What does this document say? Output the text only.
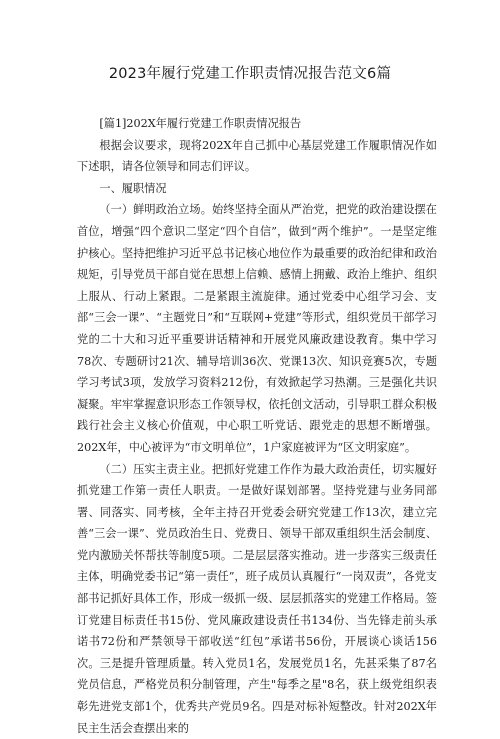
2023年履行党建工作职责情况报告范文6篇

[篇1]202X年履行党建工作职责情况报告

根据会议要求，现将202X年自己抓中心基层党建工作履职情况作如下述职，请各位领导和同志们评议。

一、履职情况

（一）鲜明政治立场。始终坚持全面从严治党，把党的政治建设摆在首位，增强“四个意识二坚定“四个自信”，做到“两个维护”。一是坚定维护核心。坚持把维护习近平总书记核心地位作为最重要的政治纪律和政治规矩，引导党员干部自觉在思想上信赖、感情上拥戴、政治上维护、组织上服从、行动上紧跟。二是紧跟主流旋律。通过党委中心组学习会、支部“三会一课”、“主题党日”和“互联网+党建”等形式，组织党员干部学习党的二十大和习近平重要讲话精神和开展党风廉政建设教育。集中学习78次、专题研讨21次、辅导培训36次、党课13次、知识竞赛5次，专题学习考试3项，发放学习资料212份，有效掀起学习热潮。三是强化共识凝聚。牢牢掌握意识形态工作领导权，依托创文活动，引导职工群众积极践行社会主义核心价值观，中心职工听党话、跟党走的思想不断增强。202X年，中心被评为“市文明单位”，1户家庭被评为“区文明家庭”。

（二）压实主责主业。把抓好党建工作作为最大政治责任，切实履好抓党建工作第一责任人职责。一是做好谋划部署。坚持党建与业务同部署、同落实、同考核，全年主持召开党委会研究党建工作13次，建立完善“三会一课”、党员政治生日、党费日、领导干部双重组织生活会制度、党内激励关怀帮扶等制度5项。二是层层落实推动。进一步落实三级责任主体，明确党委书记“第一责任”，班子成员认真履行“一岗双责”，各党支部书记抓好具体工作，形成一级抓一级、层层抓落实的党建工作格局。签订党建目标责任书15份、党风廉政建设责任书134份、当先锋走前头承诺书72份和严禁领导干部收送“红包”承诺书56份，开展谈心谈话156次。三是提升管理质量。转入党员1名，发展党员1名，先甚采集了87名党员信息，严格党员积分制管理，产生"每季之星"8名，获上级党组织表彰先进党支部1个，优秀共产党员9名。四是对标补短整改。针对202X年民主生活会查摆出来的
